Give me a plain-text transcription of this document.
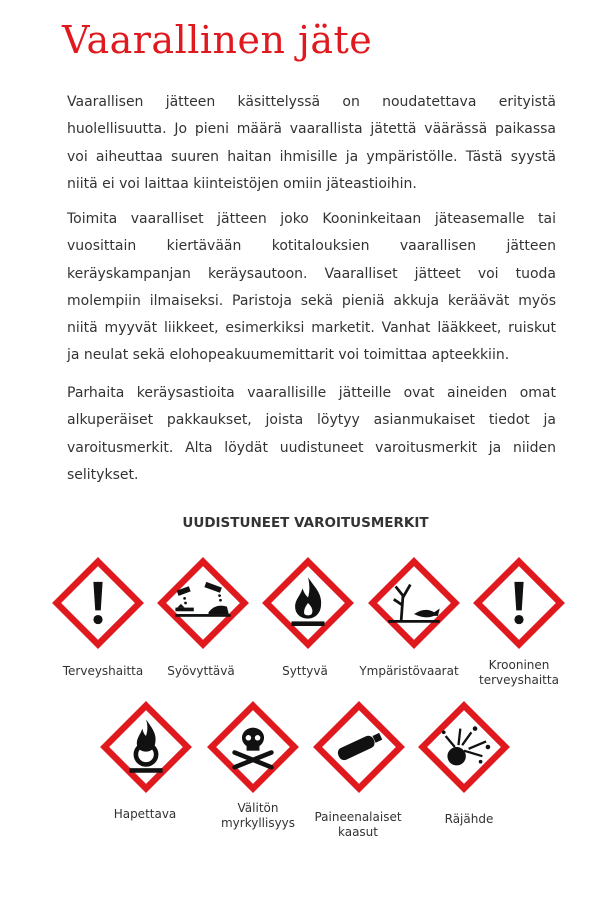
Vaarallinen jäte

Vaarallisen jätteen käsittelyssä on noudatettava erityistä huolellisuutta. Jo pieni määrä vaarallista jätettä väärässä paikassa voi aiheuttaa suuren haitan ihmisille ja ympäristölle. Tästä syystä niitä ei voi laittaa kiinteistöjen omiin jäteastioihin.

Toimita vaaralliset jätteen joko Kooninkeitaan jäteasemalle tai vuosittain kiertävään kotitalouksien vaarallisen jätteen keräyskampanjan keräysautoon. Vaaralliset jätteet voi tuoda molempiin ilmaiseksi. Paristoja sekä pieniä akkuja keräävät myös niitä myyvät liikkeet, esimerkiksi marketit. Vanhat lääkkeet, ruiskut ja neulat sekä elohopeakuumemittarit voi toimittaa apteekkiin.

Parhaita keräysastioita vaarallisille jätteille ovat aineiden omat alkuperäiset pakkaukset, joista löytyy asianmukaiset tiedot ja varoitusmerkit. Alta löydät uudistuneet varoitusmerkit ja niiden selitykset.

UUDISTUNEET VAROITUSMERKIT
Terveyshaitta	Syövyttävä	Syttyvä	Ympäristövaarat	Krooninen
terveyshaitta
Hapettava	Välitön
myrkyllisyys	Paineenalaiset
kaasut
Räjähde
